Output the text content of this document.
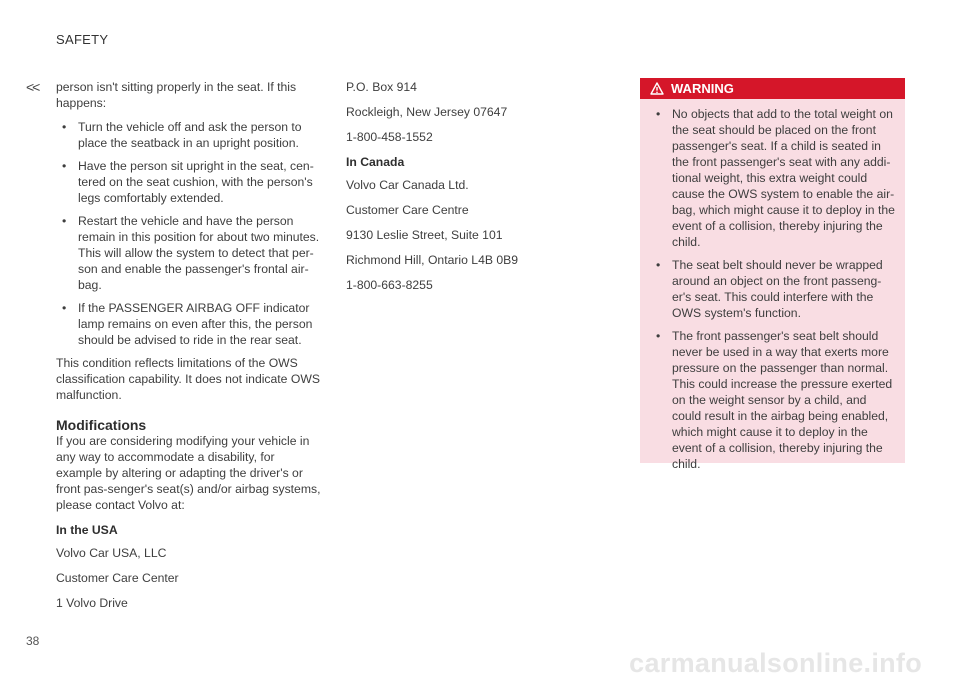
SAFETY
<< person isn't sitting properly in the seat. If this happens:

• Turn the vehicle off and ask the person to place the seatback in an upright position.
• Have the person sit upright in the seat, cen-tered on the seat cushion, with the person's legs comfortably extended.
• Restart the vehicle and have the person remain in this position for about two minutes. This will allow the system to detect that per-son and enable the passenger's frontal air-bag.
• If the PASSENGER AIRBAG OFF indicator lamp remains on even after this, the person should be advised to ride in the rear seat.

This condition reflects limitations of the OWS classification capability. It does not indicate OWS malfunction.

Modifications

If you are considering modifying your vehicle in any way to accommodate a disability, for example by altering or adapting the driver's or front pas-senger's seat(s) and/or airbag systems, please contact Volvo at:

In the USA

Volvo Car USA, LLC

Customer Care Center

1 Volvo Drive

P.O. Box 914

Rockleigh, New Jersey 07647

1-800-458-1552

In Canada

Volvo Car Canada Ltd.

Customer Care Centre

9130 Leslie Street, Suite 101

Richmond Hill, Ontario L4B 0B9

1-800-663-8255

WARNING
• No objects that add to the total weight on the seat should be placed on the front passenger's seat. If a child is seated in the front passenger's seat with any addi-tional weight, this extra weight could cause the OWS system to enable the air-bag, which might cause it to deploy in the event of a collision, thereby injuring the child.
• The seat belt should never be wrapped around an object on the front passeng-er's seat. This could interfere with the OWS system's function.
• The front passenger's seat belt should never be used in a way that exerts more pressure on the passenger than normal. This could increase the pressure exerted on the weight sensor by a child, and could result in the airbag being enabled, which might cause it to deploy in the event of a collision, thereby injuring the child.
38
carmanualsonline.info
